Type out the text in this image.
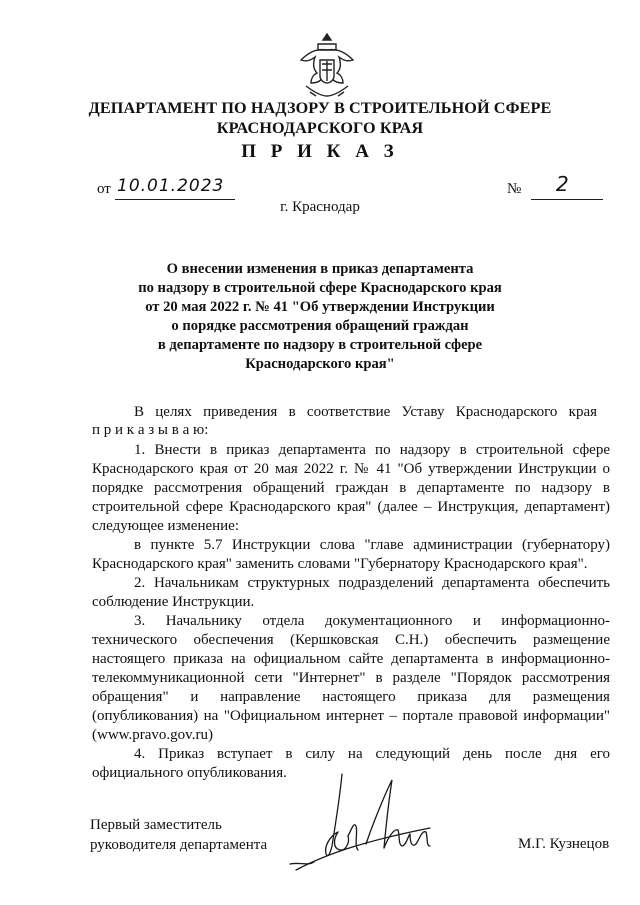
ДЕПАРТАМЕНТ ПО НАДЗОРУ В СТРОИТЕЛЬНОЙ СФЕРЕ
КРАСНОДАРСКОГО КРАЯ
П Р И К А З
от 10.01.2023	№ 2
г. Краснодар
О внесении изменения в приказ департамента
по надзору в строительной сфере Краснодарского края
от 20 мая 2022 г. № 41 "Об утверждении Инструкции
о порядке рассмотрения обращений граждан
в департаменте по надзору в строительной сфере
Краснодарского края"
В   целях   приведения   в   соответствие   Уставу   Краснодарского   края
п р и к а з ы в а ю:
1. Внести в приказ департамента по надзору в строительной сфере
Краснодарского края от 20 мая 2022 г. № 41 "Об утверждении Инструкции о
порядке рассмотрения обращений граждан в департаменте по надзору в
строительной сфере Краснодарского края" (далее – Инструкция, департамент)
следующее изменение:
в пункте 5.7 Инструкции слова "главе администрации (губернатору)
Краснодарского края" заменить словами "Губернатору Краснодарского края".
2. Начальникам структурных подразделений департамента обеспечить
соблюдение Инструкции.
3. Начальнику отдела документационного и информационно-
технического обеспечения (Кершковская С.Н.) обеспечить размещение
настоящего приказа на официальном сайте департамента в информационно-
телекоммуникационной сети "Интернет" в разделе "Порядок рассмотрения
обращения" и направление настоящего приказа для размещения
(опубликования) на "Официальном интернет – портале правовой информации"
(www.pravo.gov.ru)
4. Приказ вступает в силу на следующий день после дня его
официального опубликования.
Первый заместитель
руководителя департамента	М.Г. Кузнецов
